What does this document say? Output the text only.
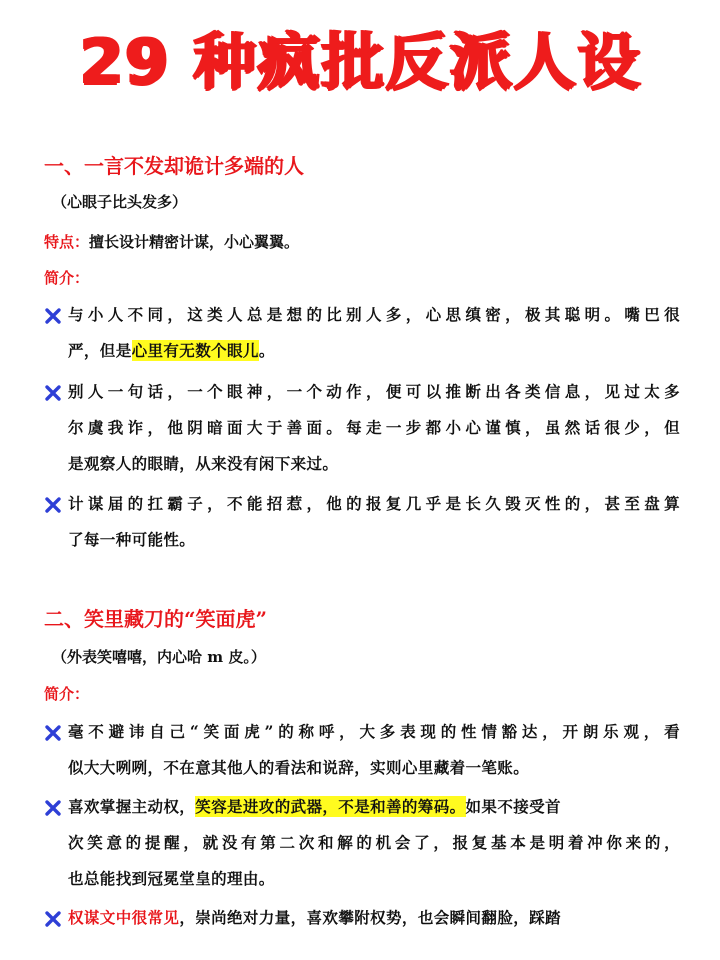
29 种疯批反派人设
一、一言不发却诡计多端的人
（心眼子比头发多）
特点：擅长设计精密计谋，小心翼翼。
简介：
与小人不同，这类人总是想的比别人多，心思缜密，极其聪明。嘴巴很
严，但是心里有无数个眼儿。
别人一句话，一个眼神，一个动作，便可以推断出各类信息，见过太多
尔虞我诈，他阴暗面大于善面。每走一步都小心谨慎，虽然话很少，但
是观察人的眼睛，从来没有闲下来过。
计谋届的扛霸子，不能招惹，他的报复几乎是长久毁灭性的，甚至盘算
了每一种可能性。
二、笑里藏刀的“笑面虎”
（外表笑嘻嘻，内心哈 m 皮。）
简介：
毫不避讳自己“笑面虎”的称呼，大多表现的性情豁达，开朗乐观，看
似大大咧咧，不在意其他人的看法和说辞，实则心里藏着一笔账。
喜欢掌握主动权，笑容是进攻的武器，不是和善的筹码。如果不接受首
次笑意的提醒，就没有第二次和解的机会了，报复基本是明着冲你来的，
也总能找到冠冕堂皇的理由。
权谋文中很常见，崇尚绝对力量，喜欢攀附权势，也会瞬间翻脸，踩踏
